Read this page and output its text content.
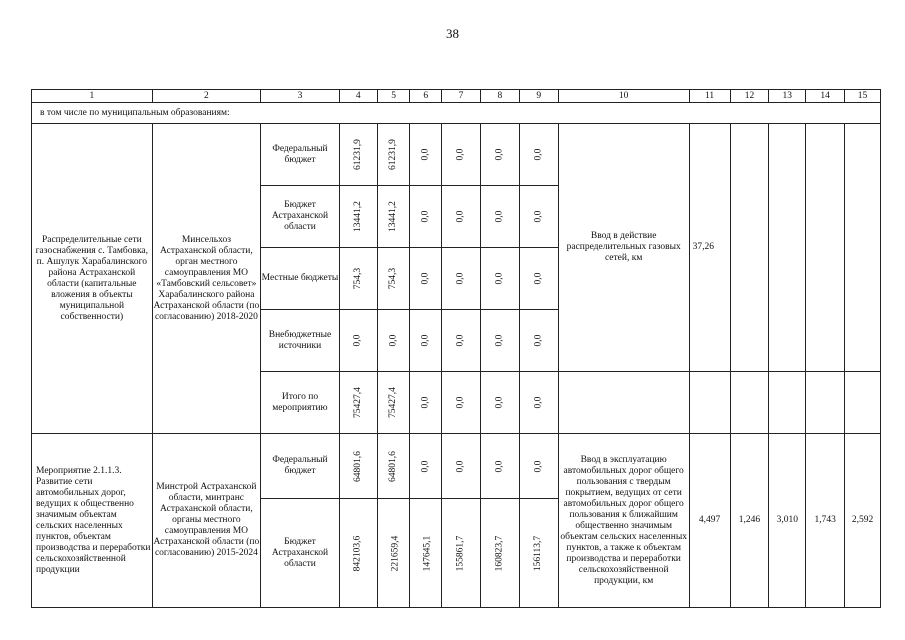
38
1	2	3	4	5	6	7	8	9	10	11	12	13	14	15
в том числе по муниципальным образованиям:														
Распределительные сети газоснабжения с. Тамбовка, п. Ашулук Харабалинского района Астраханской области (капитальные вложения в объекты муниципальной собственности)	Минсельхоз Астраханской области, орган местного самоуправления МО «Тамбовский сельсовет» Харабалинского района Астраханской области (по согласованию) 2018-2020	Федеральный бюджет	61231,9	61231,9	0,0	0,0	0,0	0,0	Ввод в действие распределительных газовых сетей, км	37,26				
		Бюджет Астраханской области	13441,2	13441,2	0,0	0,0	0,0	0,0						
		Местные бюджеты	754,3	754,3	0,0	0,0	0,0	0,0						
		Внебюджетные источники	0,0	0,0	0,0	0,0	0,0	0,0						
		Итого по мероприятию	75427,4	75427,4	0,0	0,0	0,0	0,0						
Мероприятие 2.1.1.3. Развитие сети автомобильных дорог, ведущих к общественно значимым объектам сельских населенных пунктов, объектам производства и переработки сельскохозяйственной продукции	Минстрой Астраханской области, минтранс Астраханской области, органы местного самоуправления МО Астраханской области (по согласованию) 2015-2024	Федеральный бюджет	64801,6	64801,6	0,0	0,0	0,0	0,0	Ввод в эксплуатацию автомобильных дорог общего пользования с твердым покрытием, ведущих от сети автомобильных дорог общего пользования к ближайшим общественно значимым объектам сельских населенных пунктов, а также к объектам производства и переработки сельскохозяйственной продукции, км	4,497	1,246	3,010	1,743	2,592
		Бюджет Астраханской области	842103,6	221659,4	147645,1	155861,7	160823,7	156113,7						
